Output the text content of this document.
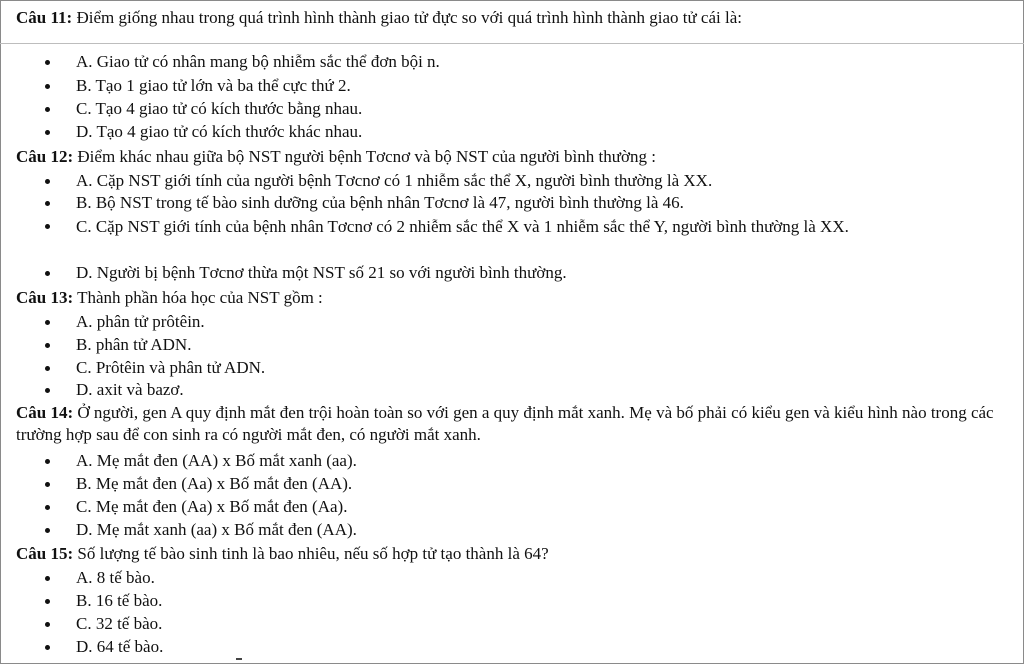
Câu 11: Điểm giống nhau trong quá trình hình thành giao tử đực so với quá trình hình thành giao tử cái là:
A. Giao tử có nhân mang bộ nhiễm sắc thể đơn bội n.
B. Tạo 1 giao tử lớn và ba thể cực thứ 2.
C. Tạo 4 giao tử có kích thước bằng nhau.
D. Tạo 4 giao tử có kích thước khác nhau.
Câu 12: Điểm khác nhau giữa bộ NST người bệnh Tơcnơ và bộ NST của người bình thường :
A. Cặp NST giới tính của người bệnh Tơcnơ có 1 nhiễm sắc thể X, người bình thường là XX.
B. Bộ NST trong tế bào sinh dưỡng của bệnh nhân Tơcnơ là 47, người bình thường là 46.
C. Cặp NST giới tính của bệnh nhân Tơcnơ có 2 nhiễm sắc thể X và 1 nhiễm sắc thể Y, người bình thường là XX.
D. Người bị bệnh Tơcnơ thừa một NST số 21 so với người bình thường.
Câu 13: Thành phần hóa học của NST gồm :
A. phân tử prôtêin.
B. phân tử ADN.
C. Prôtêin và phân tử ADN.
D. axit và bazơ.
Câu 14: Ở người, gen A quy định mắt đen trội hoàn toàn so với gen a quy định mắt xanh. Mẹ và bố phải có kiểu gen và kiểu hình nào trong các trường hợp sau để con sinh ra có người mắt đen, có người mắt xanh.
A. Mẹ mắt đen (AA) x Bố mắt xanh (aa).
B. Mẹ mắt đen (Aa) x Bố mắt đen (AA).
C. Mẹ mắt đen (Aa) x Bố mắt đen (Aa).
D. Mẹ mắt xanh (aa) x Bố mắt đen (AA).
Câu 15: Số lượng tế bào sinh tinh là bao nhiêu, nếu số hợp tử tạo thành là 64?
A. 8 tế bào.
B. 16 tế bào.
C. 32 tế bào.
D. 64 tế bào.
